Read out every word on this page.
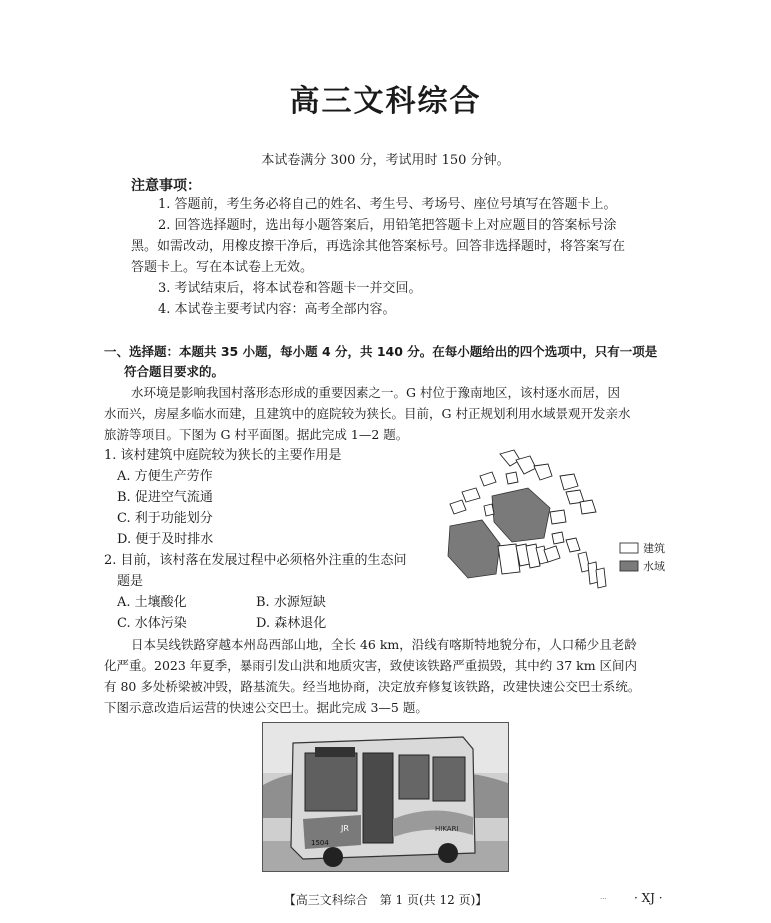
高三文科综合
本试卷满分 300 分，考试用时 150 分钟。
注意事项：
1. 答题前，考生务必将自己的姓名、考生号、考场号、座位号填写在答题卡上。
2. 回答选择题时，选出每小题答案后，用铅笔把答题卡上对应题目的答案标号涂
黑。如需改动，用橡皮擦干净后，再选涂其他答案标号。回答非选择题时，将答案写在
答题卡上。写在本试卷上无效。
3. 考试结束后，将本试卷和答题卡一并交回。
4. 本试卷主要考试内容：高考全部内容。
一、选择题：本题共 35 小题，每小题 4 分，共 140 分。在每小题给出的四个选项中，只有一项是
符合题目要求的。
水环境是影响我国村落形态形成的重要因素之一。G 村位于豫南地区，该村逐水而居，因
水而兴，房屋多临水而建，且建筑中的庭院较为狭长。目前，G 村正规划利用水域景观开发亲水
旅游等项目。下图为 G 村平面图。据此完成 1—2 题。
1. 该村建筑中庭院较为狭长的主要作用是
A. 方便生产劳作
B. 促进空气流通
C. 利于功能划分
D. 便于及时排水
2. 目前，该村落在发展过程中必须格外注重的生态问
题是
A. 土壤酸化	B. 水源短缺
C. 水体污染	D. 森林退化
建筑
水域
日本吴线铁路穿越本州岛西部山地，全长 46 km，沿线有喀斯特地貌分布，人口稀少且老龄
化严重。2023 年夏季，暴雨引发山洪和地质灾害，致使该铁路严重损毁，其中约 37 km 区间内
有 80 多处桥梁被冲毁，路基流失。经当地协商，决定放弃修复该铁路，改建快速公交巴士系统。
下图示意改造后运营的快速公交巴士。据此完成 3—5 题。
JR	HIKARI
1504
【高三文科综合　第 1 页(共 12 页)】	... · XJ ·
